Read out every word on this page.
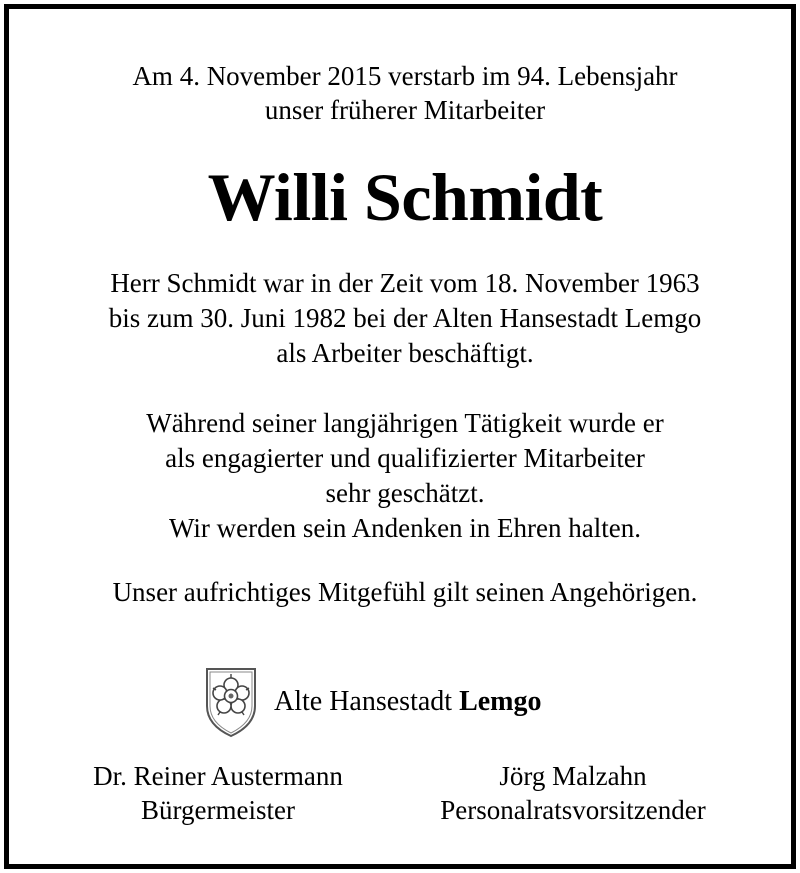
Am 4. November 2015 verstarb im 94. Lebensjahr
unser früherer Mitarbeiter
Willi Schmidt
Herr Schmidt war in der Zeit vom 18. November 1963
bis zum 30. Juni 1982 bei der Alten Hansestadt Lemgo
als Arbeiter beschäftigt.
Während seiner langjährigen Tätigkeit wurde er
als engagierter und qualifizierter Mitarbeiter
sehr geschätzt.
Wir werden sein Andenken in Ehren halten.
Unser aufrichtiges Mitgefühl gilt seinen Angehörigen.
Alte Hansestadt Lemgo
Dr. Reiner Austermann
Bürgermeister
Jörg Malzahn
Personalratsvorsitzender
